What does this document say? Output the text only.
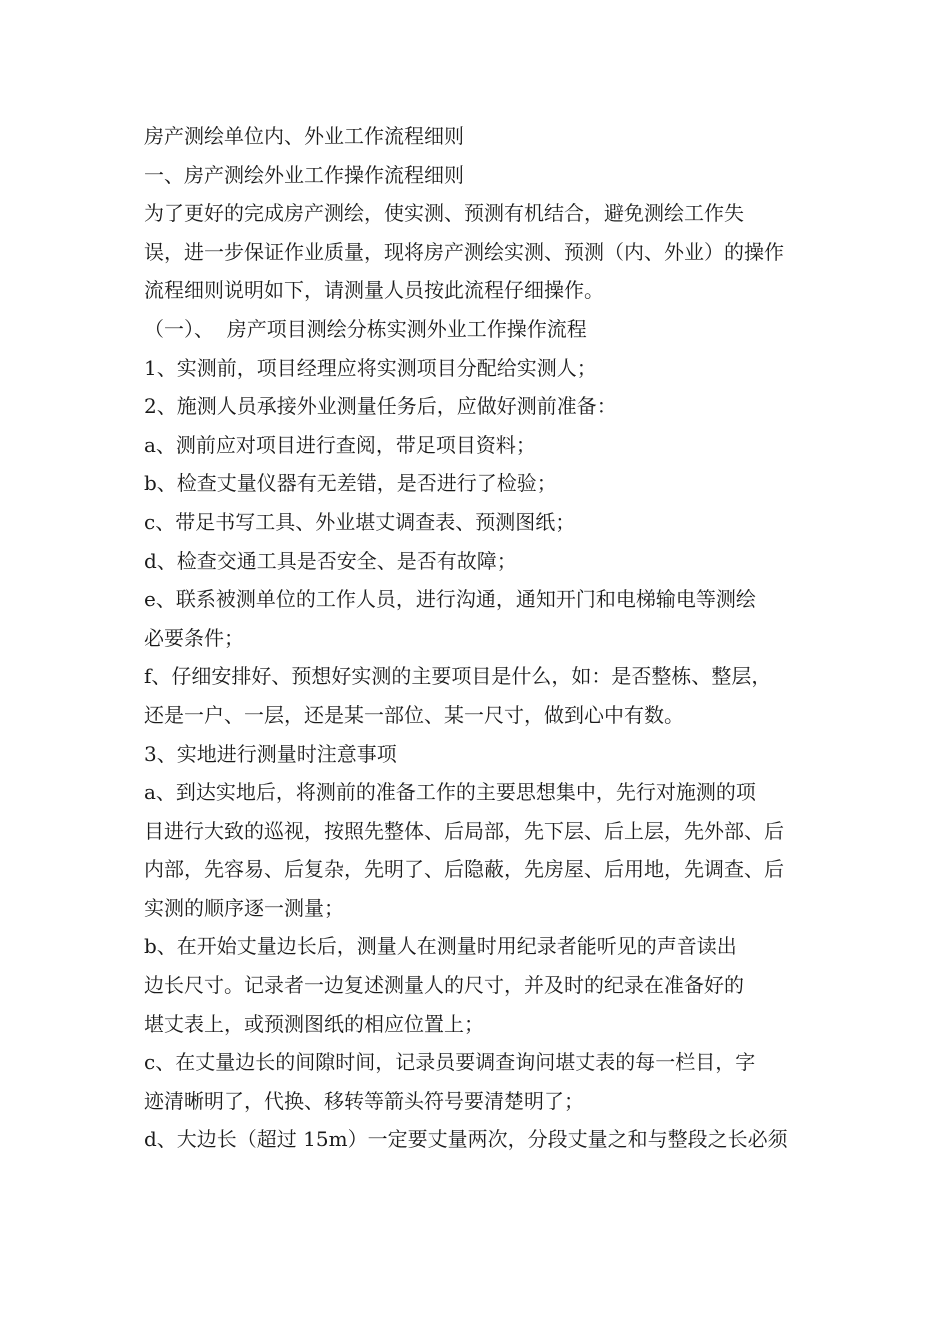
房产测绘单位内、外业工作流程细则
一、房产测绘外业工作操作流程细则
为了更好的完成房产测绘，使实测、预测有机结合，避免测绘工作失
误，进一步保证作业质量，现将房产测绘实测、预测（内、外业）的操作
流程细则说明如下，请测量人员按此流程仔细操作。
（一）、  房产项目测绘分栋实测外业工作操作流程
1、实测前，项目经理应将实测项目分配给实测人；
2、施测人员承接外业测量任务后，应做好测前准备：
a、测前应对项目进行查阅，带足项目资料；
b、检查丈量仪器有无差错，是否进行了检验；
c、带足书写工具、外业堪丈调查表、预测图纸；
d、检查交通工具是否安全、是否有故障；
e、联系被测单位的工作人员，进行沟通，通知开门和电梯输电等测绘
必要条件；
f、仔细安排好、预想好实测的主要项目是什么，如：是否整栋、整层，
还是一户、一层，还是某一部位、某一尺寸，做到心中有数。
3、实地进行测量时注意事项
a、到达实地后，将测前的准备工作的主要思想集中，先行对施测的项
目进行大致的巡视，按照先整体、后局部，先下层、后上层，先外部、后
内部，先容易、后复杂，先明了、后隐蔽，先房屋、后用地，先调查、后
实测的顺序逐一测量；
b、在开始丈量边长后，测量人在测量时用纪录者能听见的声音读出
边长尺寸。记录者一边复述测量人的尺寸，并及时的纪录在准备好的
堪丈表上，或预测图纸的相应位置上；
c、在丈量边长的间隙时间，记录员要调查询问堪丈表的每一栏目，字
迹清晰明了，代换、移转等箭头符号要清楚明了；
d、大边长（超过 15m）一定要丈量两次，分段丈量之和与整段之长必须
